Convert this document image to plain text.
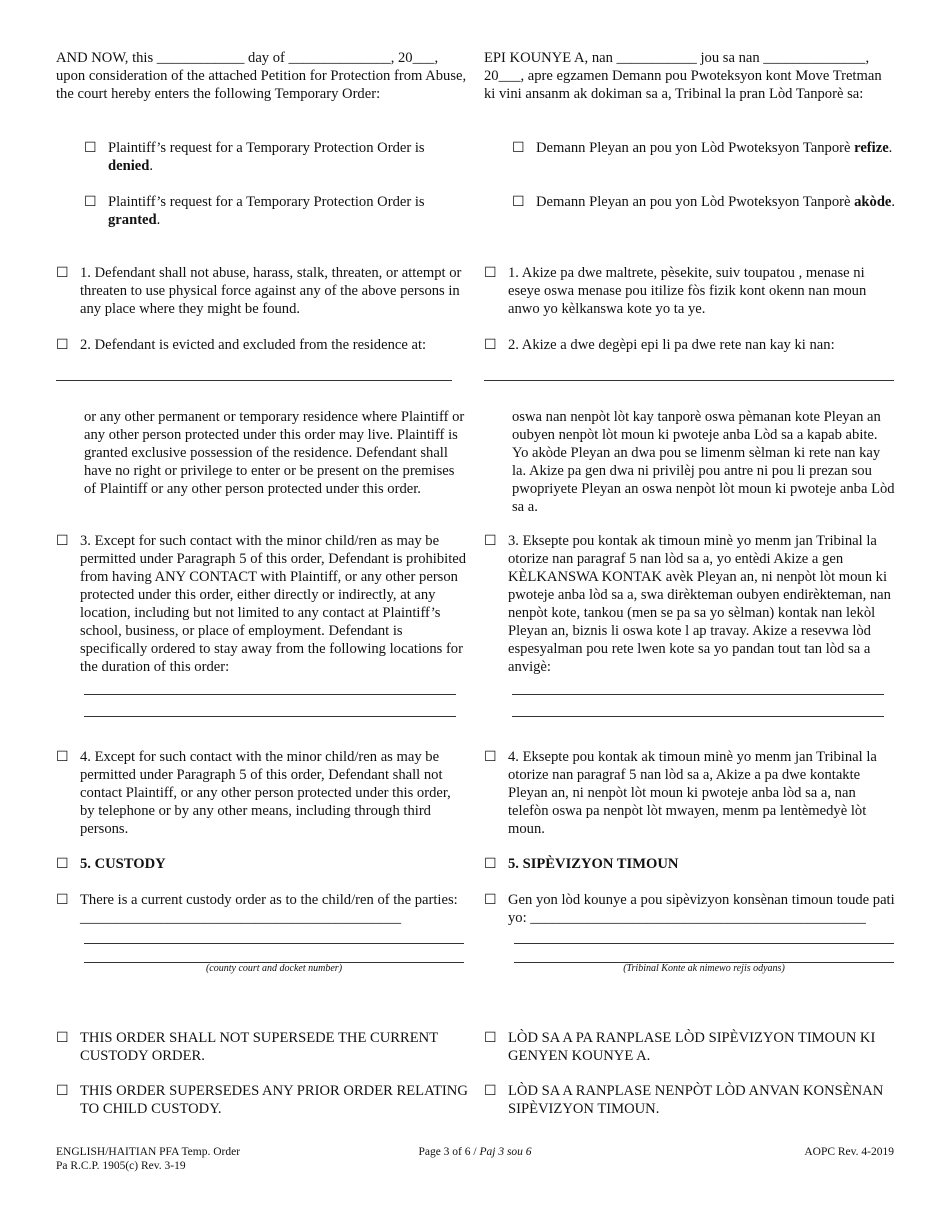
AND NOW, this ____________ day of ______________, 20___, upon consideration of the attached Petition for Protection from Abuse, the court hereby enters the following Temporary Order:
☐ Plaintiff’s request for a Temporary Protection Order is denied.
☐ Plaintiff’s request for a Temporary Protection Order is granted.
☐ 1. Defendant shall not abuse, harass, stalk, threaten, or attempt or threaten to use physical force against any of the above persons in any place where they might be found.
☐ 2. Defendant is evicted and excluded from the residence at:
or any other permanent or temporary residence where Plaintiff or any other person protected under this order may live. Plaintiff is granted exclusive possession of the residence. Defendant shall have no right or privilege to enter or be present on the premises of Plaintiff or any other person protected under this order.
☐ 3. Except for such contact with the minor child/ren as may be permitted under Paragraph 5 of this order, Defendant is prohibited from having ANY CONTACT with Plaintiff, or any other person protected under this order, either directly or indirectly, at any location, including but not limited to any contact at Plaintiff’s school, business, or place of employment. Defendant is specifically ordered to stay away from the following locations for the duration of this order:
☐ 4. Except for such contact with the minor child/ren as may be permitted under Paragraph 5 of this order, Defendant shall not contact Plaintiff, or any other person protected under this order, by telephone or by any other means, including through third persons.
☐ 5. CUSTODY
☐ There is a current custody order as to the child/ren of the parties: ____________________________________________
(county court and docket number)
☐ THIS ORDER SHALL NOT SUPERSEDE THE CURRENT CUSTODY ORDER.
☐ THIS ORDER SUPERSEDES ANY PRIOR ORDER RELATING TO CHILD CUSTODY.
EPI KOUNYE A, nan ___________ jou sa nan ______________, 20___, apre egzamen Demann pou Pwoteksyon kont Move Tretman ki vini ansanm ak dokiman sa a, Tribinal la pran Lòd Tanporè sa:
☐ Demann Pleyan an pou yon Lòd Pwoteksyon Tanporè refize.
☐ Demann Pleyan an pou yon Lòd Pwoteksyon Tanporè akòde.
☐ 1. Akize pa dwe maltrete, pèsekite, suiv toupatou , menase ni eseye oswa menase pou itilize fòs fizik kont okenn nan moun anwo yo kèlkanswa kote yo ta ye.
☐ 2. Akize a dwe degèpi epi li pa dwe rete nan kay ki nan:
oswa nan nenpòt lòt kay tanporè oswa pèmanan kote Pleyan an oubyen nenpòt lòt moun ki pwoteje anba Lòd sa a kapab abite. Yo akòde Pleyan an dwa pou se limenm sèlman ki rete nan kay la. Akize pa gen dwa ni privilèj pou antre ni pou li prezan sou pwopriyete Pleyan an oswa nenpòt lòt moun ki pwoteje anba Lòd sa a.
☐ 3. Eksepte pou kontak ak timoun minè yo menm jan Tribinal la otorize nan paragraf 5 nan lòd sa a, yo entèdi Akize a gen KÈLKANSWA KONTAK avèk Pleyan an, ni nenpòt lòt moun ki pwoteje anba lòd sa a, swa dirèkteman oubyen endirèkteman, nan nenpòt kote, tankou (men se pa sa yo sèlman) kontak nan lekòl Pleyan an, biznis li oswa kote l ap travay. Akize a resevwa lòd espesyalman pou rete lwen kote sa yo pandan tout tan lòd sa a anvigè:
☐ 4. Eksepte pou kontak ak timoun minè yo menm jan Tribinal la otorize nan paragraf 5 nan lòd sa a, Akize a pa dwe kontakte Pleyan an, ni nenpòt lòt moun ki pwoteje anba lòd sa a, nan telefòn oswa pa nenpòt lòt mwayen, menm pa lentèmedyè lòt moun.
☐ 5. SIPÈVIZYON TIMOUN
☐ Gen yon lòd kounye a pou sipèvizyon konsènan timoun toude pati yo: ______________________________________________
(Tribinal Konte ak nimewo rejis odyans)
☐ LÒD SA A PA RANPLASE LÒD SIPÈVIZYON TIMOUN KI GENYEN KOUNYE A.
☐ LÒD SA A RANPLASE NENPÒT LÒD ANVAN KONSÈNAN SIPÈVIZYON TIMOUN.
ENGLISH/HAITIAN PFA Temp. Order
Pa R.C.P. 1905(c) Rev. 3-19
Page 3 of 6 / Paj 3 sou 6	AOPC Rev. 4-2019
